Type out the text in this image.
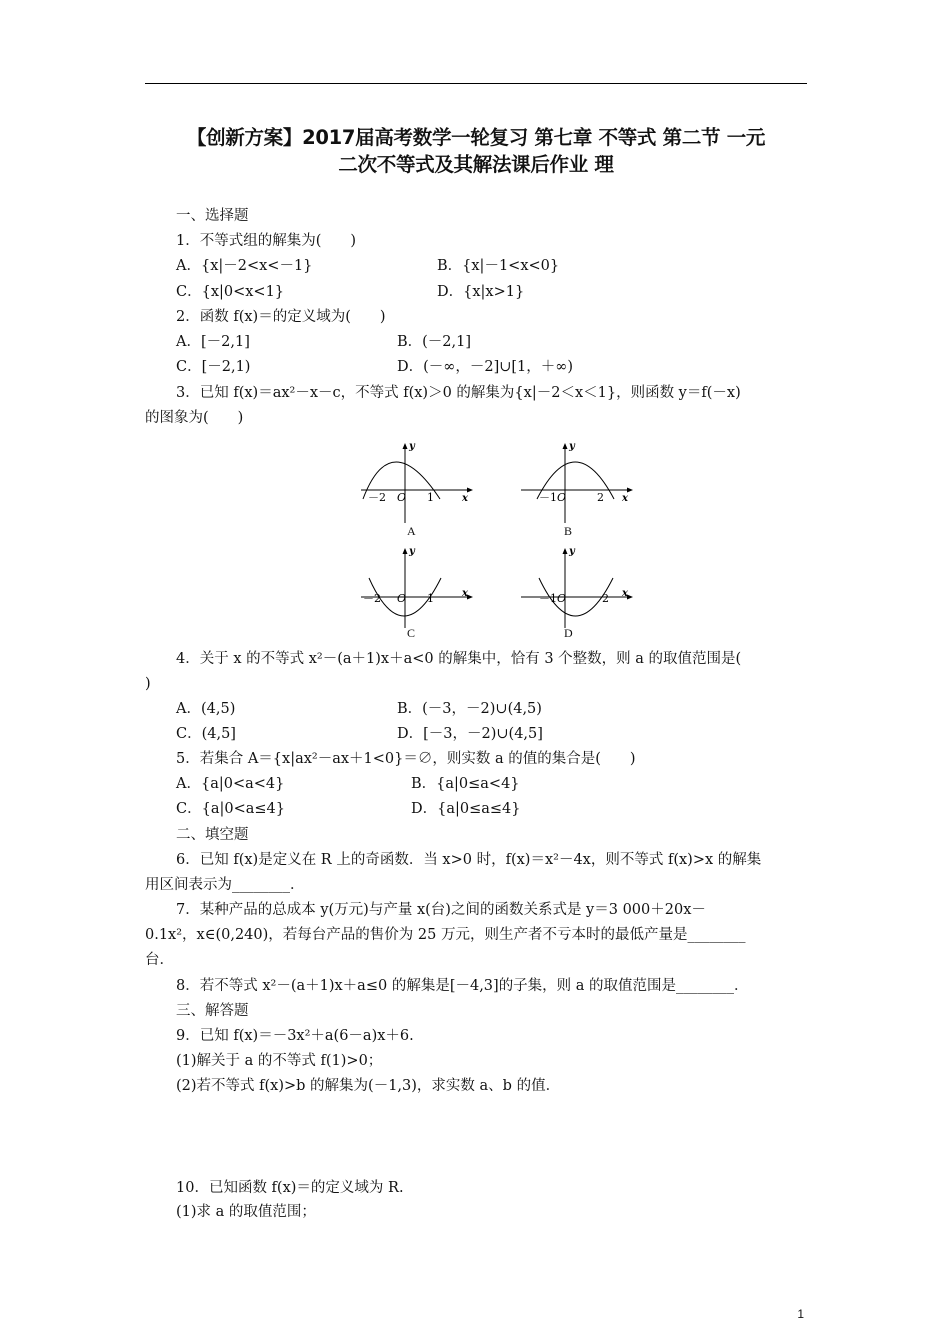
【创新方案】2017届高考数学一轮复习 第七章 不等式 第二节 一元
二次不等式及其解法课后作业 理
一、选择题
1．不等式组的解集为(　　)
A．{x|－2<x<－1}	B．{x|－1<x<0}
C．{x|0<x<1}	D．{x|x>1}
2．函数 f(x)＝的定义域为(　　)
A．[－2,1]	B．(－2,1]
C．[－2,1)	D．(－∞，－2]∪[1，＋∞)
3．已知 f(x)＝ax²－x－c，不等式 f(x)＞0 的解集为{x|－2＜x＜1}，则函数 y＝f(－x)
的图象为(　　)
y
x
－2 O 1
A
y
x
－1 O	2
B
y
x
－2 O 1
C
y
x
－1 O	2
D
4．关于 x 的不等式 x²－(a＋1)x＋a<0 的解集中，恰有 3 个整数，则 a 的取值范围是(
)
A．(4,5)	B．(－3，－2)∪(4,5)
C．(4,5]	D．[－3，－2)∪(4,5]
5．若集合 A＝{x|ax²－ax＋1<0}＝∅，则实数 a 的值的集合是(　　)
A．{a|0<a<4}	B．{a|0≤a<4}
C．{a|0<a≤4}	D．{a|0≤a≤4}
二、填空题
6．已知 f(x)是定义在 R 上的奇函数．当 x>0 时，f(x)＝x²－4x，则不等式 f(x)>x 的解集
用区间表示为________．
7．某种产品的总成本 y(万元)与产量 x(台)之间的函数关系式是 y＝3 000＋20x－
0.1x²，x∈(0,240)，若每台产品的售价为 25 万元，则生产者不亏本时的最低产量是________
台．
8．若不等式 x²－(a＋1)x＋a≤0 的解集是[－4,3]的子集，则 a 的取值范围是________．
三、解答题
9．已知 f(x)＝－3x²＋a(6－a)x＋6.
(1)解关于 a 的不等式 f(1)>0；
(2)若不等式 f(x)>b 的解集为(－1,3)，求实数 a、b 的值．
10．已知函数 f(x)＝的定义域为 R.
(1)求 a 的取值范围；
1
